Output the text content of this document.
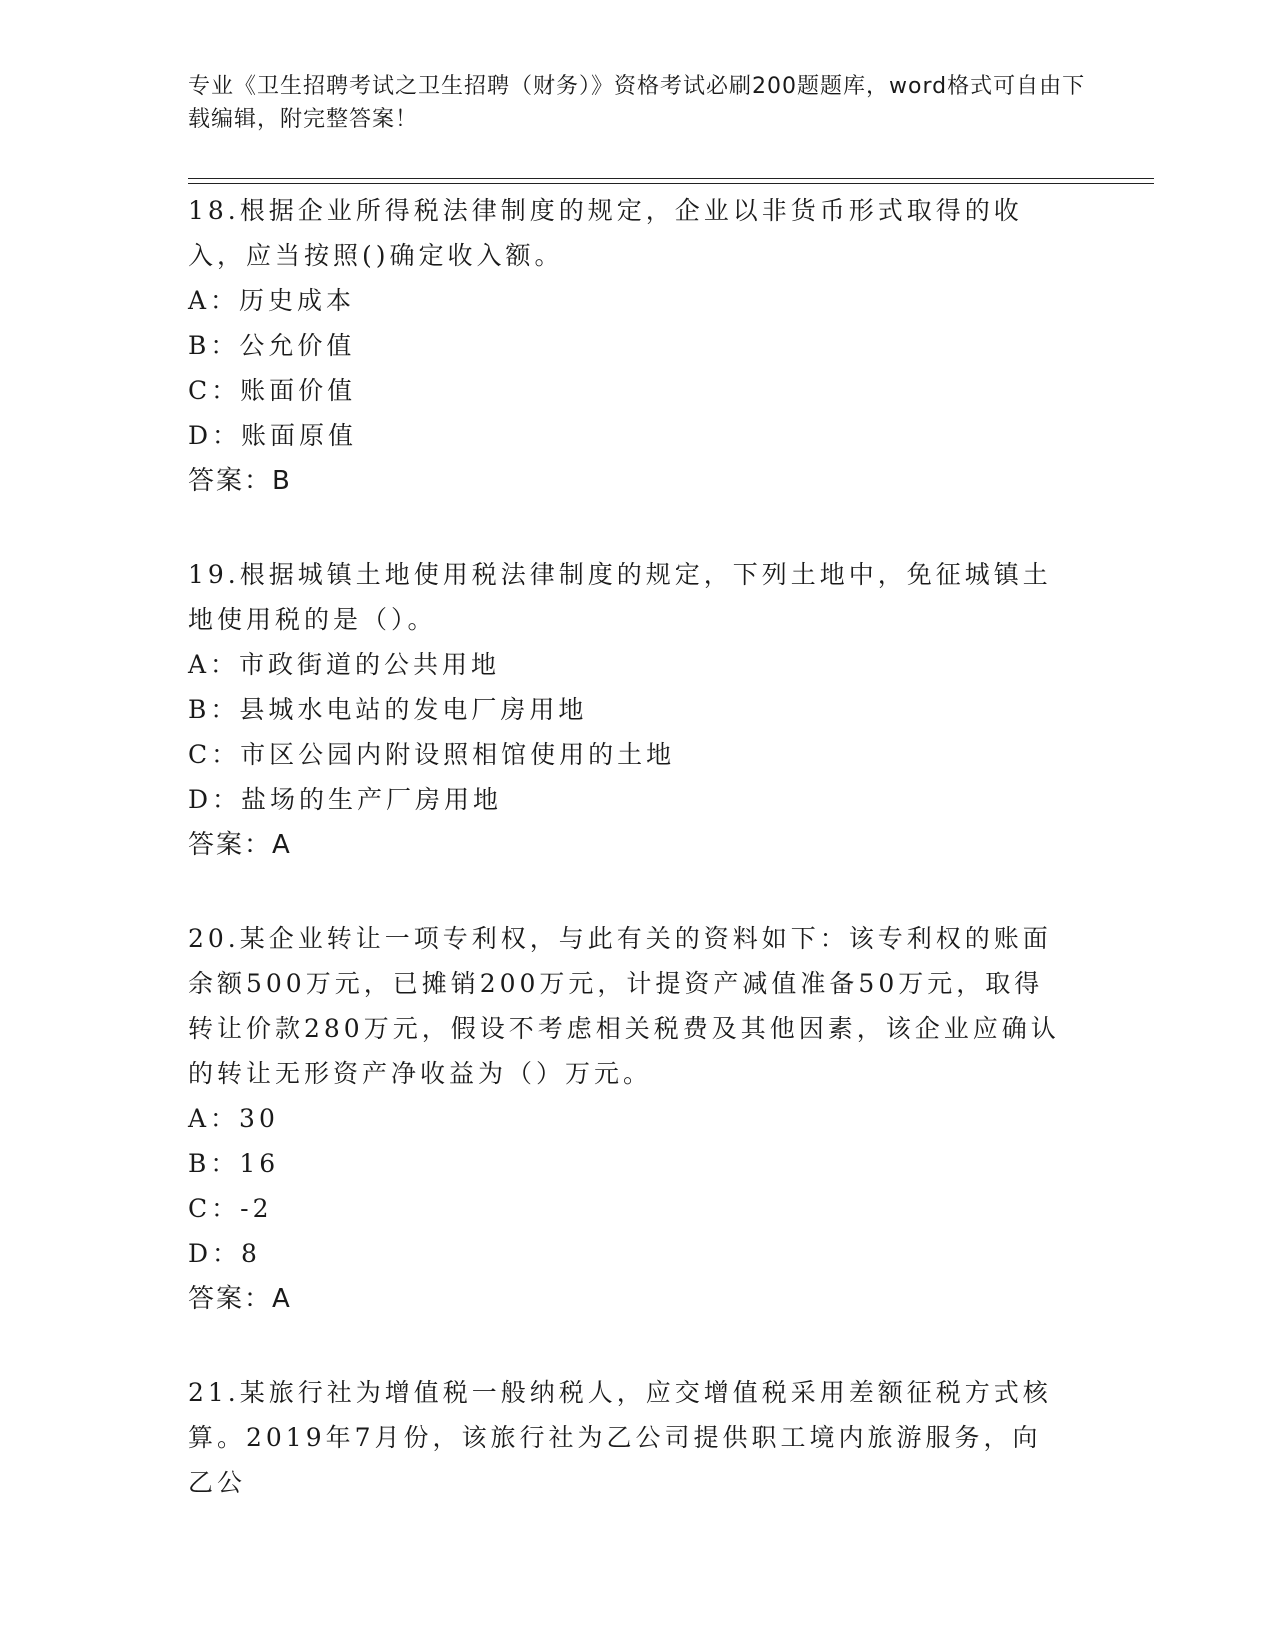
专业《卫生招聘考试之卫生招聘（财务）》资格考试必刷200题题库，word格式可自由下载编辑，附完整答案！

18.根据企业所得税法律制度的规定，企业以非货币形式取得的收入，应当按照()确定收入额。

A：历史成本

B：公允价值

C：账面价值

D：账面原值

答案：B

19.根据城镇土地使用税法律制度的规定，下列土地中，免征城镇土地使用税的是（）。

A：市政街道的公共用地

B：县城水电站的发电厂房用地

C：市区公园内附设照相馆使用的土地

D：盐场的生产厂房用地

答案：A

20.某企业转让一项专利权，与此有关的资料如下：该专利权的账面余额500万元，已摊销200万元，计提资产减值准备50万元，取得转让价款280万元，假设不考虑相关税费及其他因素，该企业应确认的转让无形资产净收益为（）万元。

A：30

B：16

C：-2

D：8

答案：A

21.某旅行社为增值税一般纳税人，应交增值税采用差额征税方式核算。2019年7月份，该旅行社为乙公司提供职工境内旅游服务，向乙公
